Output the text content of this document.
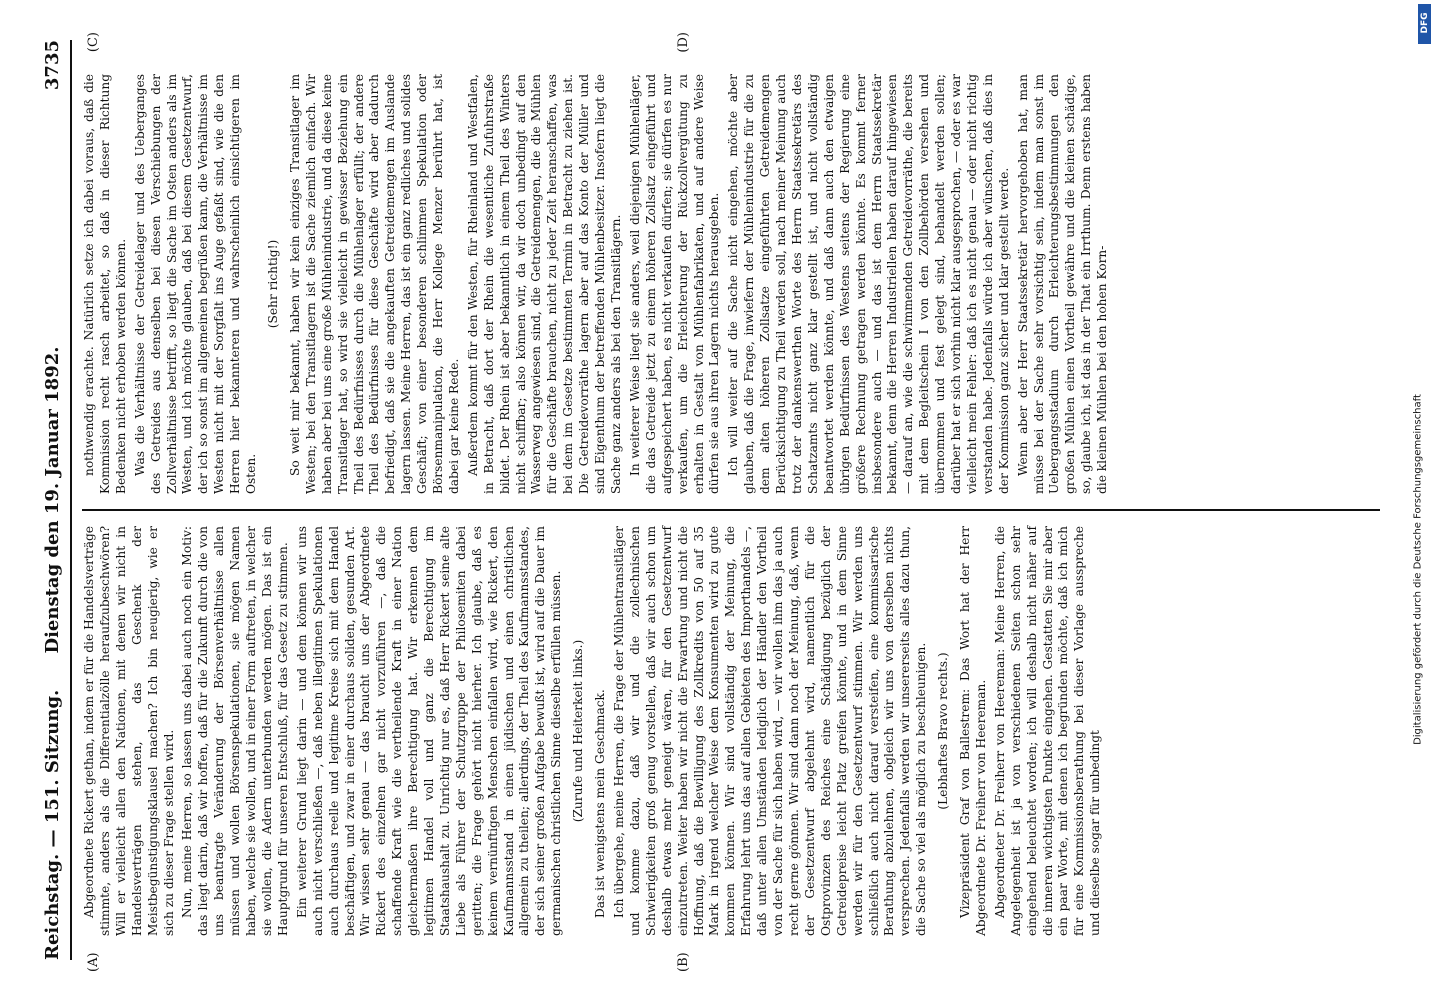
Reichstag. — 151. Sitzung.
Dienstag den 19. Januar 1892.
3735
(A)	(B)
(C)	(D)

Abgeordnete Rickert gethan, indem er für die Handelsverträge stimmte, anders als die Differentialzölle heraufzubeschwören? Will er vielleicht allen den Nationen, mit denen wir nicht in Handelsverträgen stehen, das Geschenk der Meistbegünstigungsklausel machen? Ich bin neugierig, wie er sich zu dieser Frage stellen wird. Nun, meine Herren, so lassen uns dabei auch noch ein Motiv: das liegt darin, daß wir hoffen, daß für die Zukunft durch die von uns beantragte Veränderung der Börsenverhältnisse allen müssen und wollen Börsenspekulationen, sie mögen Namen haben, welche sie wollen, und in einer Form auftreten, in welcher sie wollen, die Adern unterbunden werden mögen. Das ist ein Hauptgrund für unseren Entschluß, für das Gesetz zu stimmen. Ein weiterer Grund liegt darin — und dem können wir uns auch nicht verschließen —, daß neben illegitimen Spekulationen auch durchaus reelle und legitime Kreise sich mit dem Handel beschäftigen, und zwar in einer durchaus soliden, gesunden Art. Wir wissen sehr genau — das braucht uns der Abgeordnete Rickert des einzelnen gar nicht vorzuführen —, daß die schaffende Kraft wie die vertheilende Kraft in einer Nation gleichermaßen ihre Berechtigung hat. Wir erkennen dem legitimen Handel voll und ganz die Berechtigung im Staatshaushalt zu. Unrichtig nur es, daß Herr Rickert seine alte Liebe als Führer der Schutzgruppe der Philosemiten dabei geritten; die Frage gehört nicht hierher. Ich glaube, daß es keinem vernünftigen Menschen einfallen wird, wie Rickert, den Kaufmannsstand in einen jüdischen und einen christlichen allgemein zu theilen; allerdings, der Theil des Kaufmannsstandes, der sich seiner großen Aufgabe bewußt ist, wird auf die Dauer im germanischen christlichen Sinne dieselbe erfüllen müssen. (Zurufe und Heiterkeit links.) Das ist wenigstens mein Geschmack. Ich übergehe, meine Herren, die Frage der Mühlentransitläger und komme dazu, daß wir und die zollechnischen Schwierigkeiten groß genug vorstellen, daß wir auch schon um deshalb etwas mehr geneigt wären, für den Gesetzentwurf einzutreten. Weiter haben wir nicht die Erwartung und nicht die Hoffnung, daß die Bewilligung des Zollkredits von 50 auf 35 Mark in irgend welcher Weise dem Konsumenten wird zu gute kommen können. Wir sind vollständig der Meinung, die Erfahrung lehrt uns das auf allen Gebieten des Importhandels —, daß unter allen Umständen lediglich der Händler den Vortheil von der Sache für sich haben wird, — wir wollen ihm das ja auch recht gerne gönnen. Wir sind dann noch der Meinung, daß, wenn der Gesetzentwurf abgelehnt wird, namentlich für die Ostprovinzen des Reiches eine Schädigung bezüglich der Getreidepreise leicht Platz greifen könnte, und in dem Sinne werden wir für den Gesetzentwurf stimmen. Wir werden uns schließlich auch nicht darauf versteifen, eine kommissarische Berathung abzulehnen, obgleich wir uns von derselben nichts versprechen. Jedenfalls werden wir unsererseits alles dazu thun, die Sache so viel als möglich zu beschleunigen. (Lebhaftes Bravo rechts.) Vizepräsident Graf von Ballestrem: Das Wort hat der Herr Abgeordnete Dr. Freiherr von Heereman. Abgeordneter Dr. Freiherr von Heereman: Meine Herren, die Angelegenheit ist ja von verschiedenen Seiten schon sehr eingehend beleuchtet worden; ich will deshalb nicht näher auf die inneren wichtigsten Punkte eingehen. Gestatten Sie mir aber ein paar Worte, mit denen ich begründen möchte, daß ich mich für eine Kommissionsberathung bei dieser Vorlage ausspreche und dieselbe sogar für unbedingt

nothwendig erachte. Natürlich setze ich dabei voraus, daß die Kommission recht rasch arbeitet, so daß in dieser Richtung Bedenken nicht erhoben werden können. Was die Verhältnisse der Getreidelager und des Ueberganges des Getreides aus denselben bei diesen Verschiebungen der Zollverhältnisse betrifft, so liegt die Sache im Osten anders als im Westen, und ich möchte glauben, daß bei diesem Gesetzentwurf, der ich so sonst im allgemeinen begrüßen kann, die Verhältnisse im Westen nicht mit der Sorgfalt ins Auge gefaßt sind, wie die den Herren hier bekannteren und wahrscheinlich einsichtigeren im Osten.

(Sehr richtig!) So weit mir bekannt, haben wir kein einziges Transitlager im Westen; bei den Transitlagern ist die Sache ziemlich einfach. Wir haben aber bei uns eine große Mühlenindustrie, und da diese keine Transitlager hat, so wird sie vielleicht in gewisser Beziehung ein Theil des Bedürfnisses durch die Mühlenlager erfüllt; der andere Theil des Bedürfnisses für diese Geschäfte wird aber dadurch befriedigt, daß sie die angekauften Getreidemengen im Auslande lagern lassen. Meine Herren, das ist ein ganz redliches und solides Geschäft; von einer besonderen schlimmen Spekulation oder Börsenmanipulation, die Herr Kollege Menzer berührt hat, ist dabei gar keine Rede. Außerdem kommt für den Westen, für Rheinland und Westfalen, in Betracht, daß dort der Rhein die wesentliche Zufuhrstraße bildet. Der Rhein ist aber bekanntlich in einem Theil des Winters nicht schiffbar; also können wir, da wir doch unbedingt auf den Wasserweg angewiesen sind, die Getreidemengen, die die Mühlen für die Geschäfte brauchen, nicht zu jeder Zeit heranschaffen, was bei dem im Gesetze bestimmten Termin in Betracht zu ziehen ist. Die Getreidevorräthe lagern aber auf das Konto der Müller und sind Eigenthum der betreffenden Mühlenbesitzer. Insofern liegt die Sache ganz anders als bei den Transitlägern. In weiterer Weise liegt sie anders, weil diejenigen Mühlenläger, die das Getreide jetzt zu einem höheren Zollsatz eingeführt und aufgespeichert haben, es nicht verkaufen dürfen; sie dürfen es nur verkaufen, um die Erleichterung der Rückzollvergütung zu erhalten in Gestalt von Mühlenfabrikaten, und auf andere Weise dürfen sie aus ihren Lagern nichts herausgeben. Ich will weiter auf die Sache nicht eingehen, möchte aber glauben, daß die Frage, inwiefern der Mühlenindustrie für die zu dem alten höheren Zollsatze eingeführten Getreidemengen Berücksichtigung zu Theil werden soll, nach meiner Meinung auch trotz der dankenswerthen Worte des Herrn Staatssekretärs des Schatzamts nicht ganz klar gestellt ist, und nicht vollständig beantwortet werden könnte, und daß dann auch den etwaigen übrigen Bedürfnissen des Westens seitens der Regierung eine größere Rechnung getragen werden könnte. Es kommt ferner insbesondere auch — und das ist dem Herrn Staatssekretär bekannt, denn die Herren Industriellen haben darauf hingewiesen — darauf an, wie die schwimmenden Getreidevorräthe, die bereits mit dem Begleitschein I von den Zollbehörden versehen und übernommen und fest gelegt sind, behandelt werden sollen; darüber hat er sich vorhin nicht klar ausgesprochen, — oder es war vielleicht mein Fehler: daß ich es nicht genau — oder nicht richtig verstanden habe. Jedenfalls würde ich aber wünschen, daß dies in der Kommission ganz sicher und klar gestellt werde. Wenn aber der Herr Staatssekretär hervorgehoben hat, man müsse bei der Sache sehr vorsichtig sein, indem man sonst im Uebergangsstadium durch Erleichterungsbestimmungen den großen Mühlen einen Vortheil gewähre und die kleinen schädige, so, glaube ich, ist das in der That ein Irrthum. Denn erstens haben die kleinen Mühlen bei den hohen Korn-

DFG
Digitalisierung gefördert durch die Deutsche Forschungsgemeinschaft
